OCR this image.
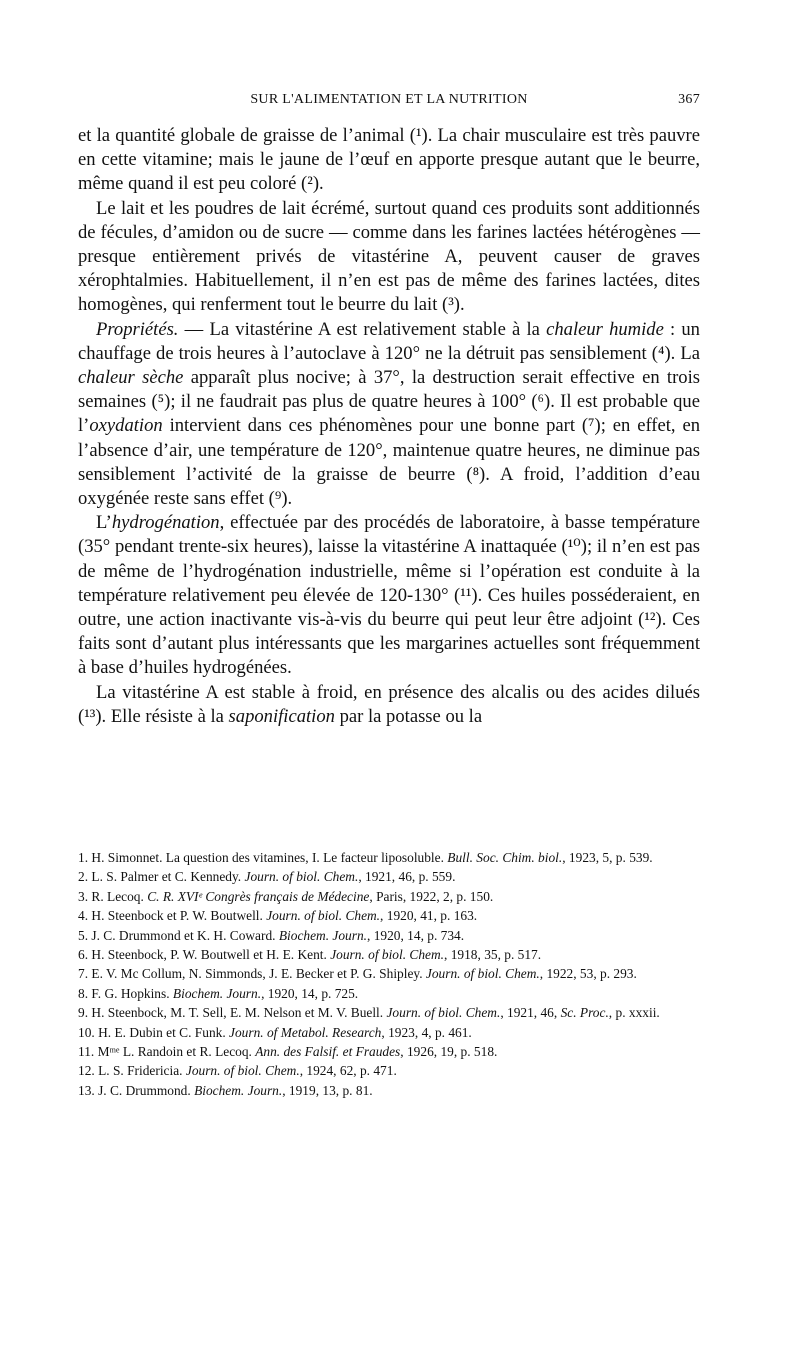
SUR L'ALIMENTATION ET LA NUTRITION	367

et la quantité globale de graisse de l’animal (¹). La chair musculaire est très pauvre en cette vitamine; mais le jaune de l’œuf en apporte presque autant que le beurre, même quand il est peu coloré (²).

Le lait et les poudres de lait écrémé, surtout quand ces produits sont additionnés de fécules, d’amidon ou de sucre — comme dans les farines lactées hétérogènes — presque entièrement privés de vitastérine A, peuvent causer de graves xérophtalmies. Habituellement, il n’en est pas de même des farines lactées, dites homogènes, qui renferment tout le beurre du lait (³).

Propriétés. — La vitastérine A est relativement stable à la chaleur humide : un chauffage de trois heures à l’autoclave à 120° ne la détruit pas sensiblement (⁴). La chaleur sèche apparaît plus nocive; à 37°, la destruction serait effective en trois semaines (⁵); il ne faudrait pas plus de quatre heures à 100° (⁶). Il est probable que l’oxydation intervient dans ces phénomènes pour une bonne part (⁷); en effet, en l’absence d’air, une température de 120°, maintenue quatre heures, ne diminue pas sensiblement l’activité de la graisse de beurre (⁸). A froid, l’addition d’eau oxygénée reste sans effet (⁹).

L’hydrogénation, effectuée par des procédés de laboratoire, à basse température (35° pendant trente-six heures), laisse la vitastérine A inattaquée (¹⁰); il n’en est pas de même de l’hydrogénation industrielle, même si l’opération est conduite à la température relativement peu élevée de 120-130° (¹¹). Ces huiles posséderaient, en outre, une action inactivante vis-à-vis du beurre qui peut leur être adjoint (¹²). Ces faits sont d’autant plus intéressants que les margarines actuelles sont fréquemment à base d’huiles hydrogénées.

La vitastérine A est stable à froid, en présence des alcalis ou des acides dilués (¹³). Elle résiste à la saponification par la potasse ou la

1. H. Simonnet. La question des vitamines, I. Le facteur liposoluble. Bull. Soc. Chim. biol., 1923, 5, p. 539.
2. L. S. Palmer et C. Kennedy. Journ. of biol. Chem., 1921, 46, p. 559.
3. R. Lecoq. C. R. XVIᵉ Congrès français de Médecine, Paris, 1922, 2, p. 150.
4. H. Steenbock et P. W. Boutwell. Journ. of biol. Chem., 1920, 41, p. 163.
5. J. C. Drummond et K. H. Coward. Biochem. Journ., 1920, 14, p. 734.
6. H. Steenbock, P. W. Boutwell et H. E. Kent. Journ. of biol. Chem., 1918, 35, p. 517.
7. E. V. Mc Collum, N. Simmonds, J. E. Becker et P. G. Shipley. Journ. of biol. Chem., 1922, 53, p. 293.
8. F. G. Hopkins. Biochem. Journ., 1920, 14, p. 725.
9. H. Steenbock, M. T. Sell, E. M. Nelson et M. V. Buell. Journ. of biol. Chem., 1921, 46, Sc. Proc., p. xxxii.
10. H. E. Dubin et C. Funk. Journ. of Metabol. Research, 1923, 4, p. 461.
11. Mᵐᵉ L. Randoin et R. Lecoq. Ann. des Falsif. et Fraudes, 1926, 19, p. 518.
12. L. S. Fridericia. Journ. of biol. Chem., 1924, 62, p. 471.
13. J. C. Drummond. Biochem. Journ., 1919, 13, p. 81.
